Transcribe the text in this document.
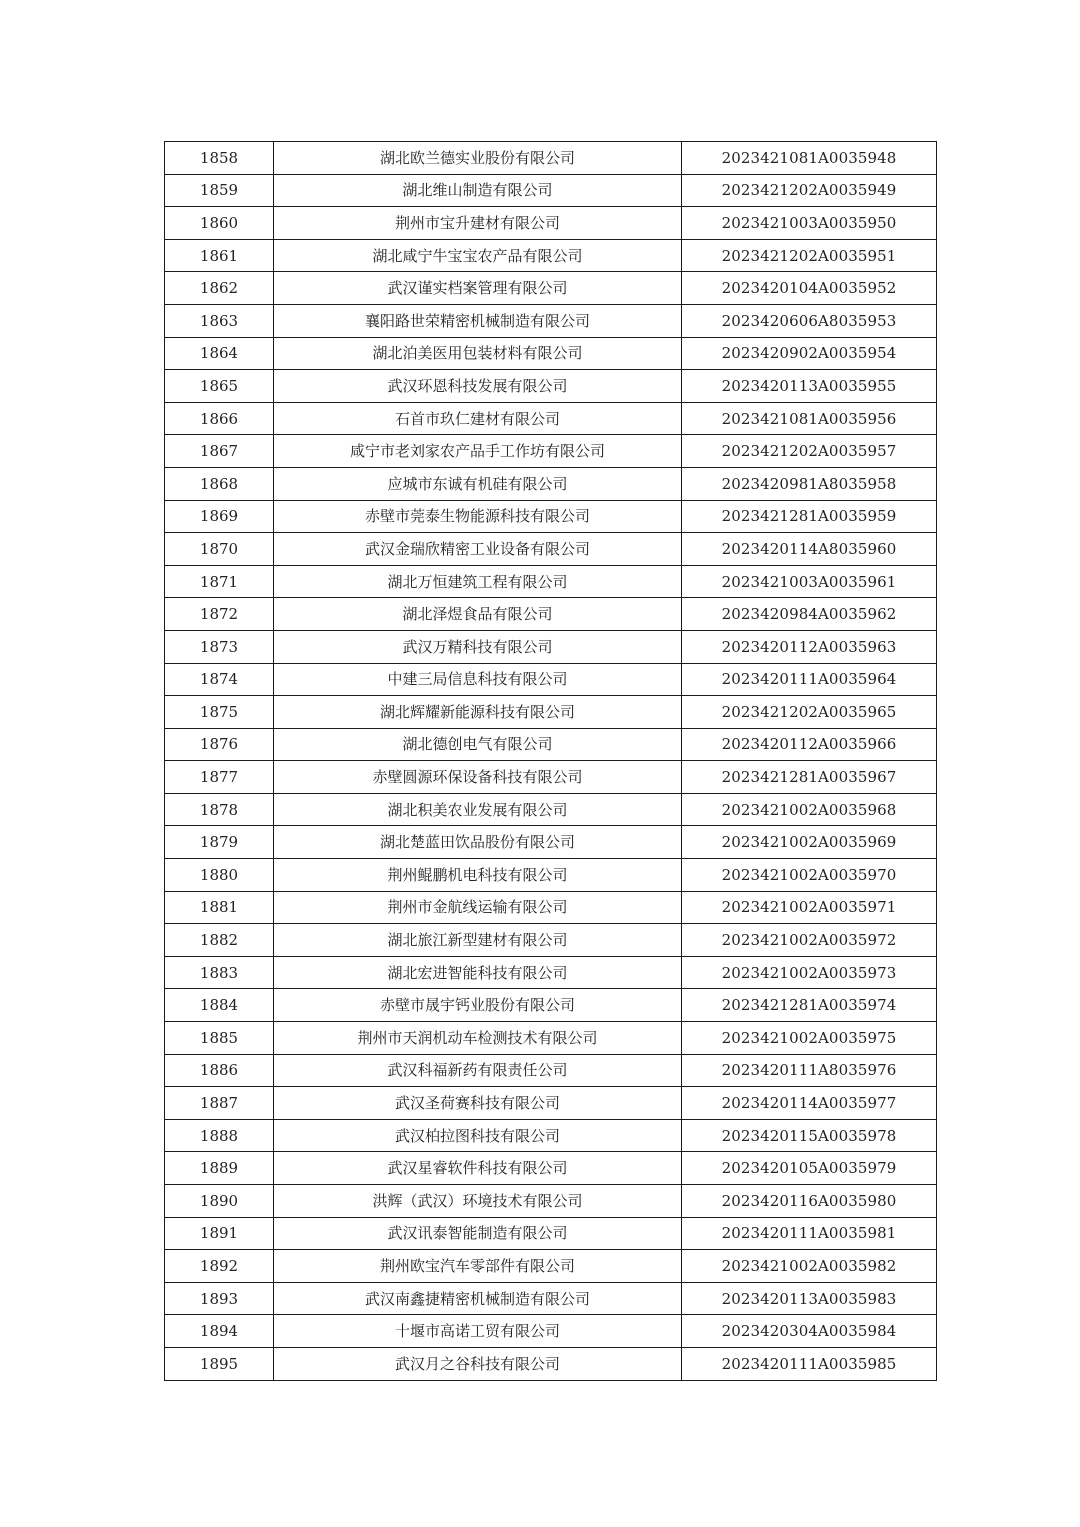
1858	湖北欧兰德实业股份有限公司	2023421081A0035948
1859	湖北维山制造有限公司	2023421202A0035949
1860	荆州市宝升建材有限公司	2023421003A0035950
1861	湖北咸宁牛宝宝农产品有限公司	2023421202A0035951
1862	武汉谨实档案管理有限公司	2023420104A0035952
1863	襄阳路世荣精密机械制造有限公司	2023420606A8035953
1864	湖北泊美医用包装材料有限公司	2023420902A0035954
1865	武汉环恩科技发展有限公司	2023420113A0035955
1866	石首市玖仁建材有限公司	2023421081A0035956
1867	咸宁市老刘家农产品手工作坊有限公司	2023421202A0035957
1868	应城市东诚有机硅有限公司	2023420981A8035958
1869	赤壁市莞泰生物能源科技有限公司	2023421281A0035959
1870	武汉金瑞欣精密工业设备有限公司	2023420114A8035960
1871	湖北万恒建筑工程有限公司	2023421003A0035961
1872	湖北泽煜食品有限公司	2023420984A0035962
1873	武汉万精科技有限公司	2023420112A0035963
1874	中建三局信息科技有限公司	2023420111A0035964
1875	湖北辉耀新能源科技有限公司	2023421202A0035965
1876	湖北德创电气有限公司	2023420112A0035966
1877	赤壁圆源环保设备科技有限公司	2023421281A0035967
1878	湖北积美农业发展有限公司	2023421002A0035968
1879	湖北楚蓝田饮品股份有限公司	2023421002A0035969
1880	荆州鲲鹏机电科技有限公司	2023421002A0035970
1881	荆州市金航线运输有限公司	2023421002A0035971
1882	湖北旅江新型建材有限公司	2023421002A0035972
1883	湖北宏进智能科技有限公司	2023421002A0035973
1884	赤壁市晟宇钙业股份有限公司	2023421281A0035974
1885	荆州市天润机动车检测技术有限公司	2023421002A0035975
1886	武汉科福新药有限责任公司	2023420111A8035976
1887	武汉圣荷赛科技有限公司	2023420114A0035977
1888	武汉柏拉图科技有限公司	2023420115A0035978
1889	武汉星睿软件科技有限公司	2023420105A0035979
1890	洪辉（武汉）环境技术有限公司	2023420116A0035980
1891	武汉讯泰智能制造有限公司	2023420111A0035981
1892	荆州欧宝汽车零部件有限公司	2023421002A0035982
1893	武汉南鑫捷精密机械制造有限公司	2023420113A0035983
1894	十堰市高诺工贸有限公司	2023420304A0035984
1895	武汉月之谷科技有限公司	2023420111A0035985
